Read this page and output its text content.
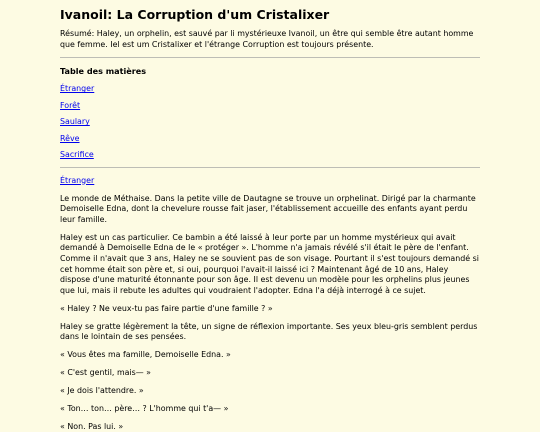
Ivanoil: La Corruption d'um Cristalixer

Résumé: Haley, un orphelin, est sauvé par li mystérieuxe Ivanoil, un être qui semble être autant homme que femme. Iel est um Cristalixer et l'étrange Corruption est toujours présente.

Table des matières
Étranger
Forêt
Saulary
Rêve
Sacrifice
Étranger

Le monde de Méthaise. Dans la petite ville de Dautagne se trouve un orphelinat. Dirigé par la charmante Demoiselle Edna, dont la chevelure rousse fait jaser, l'établissement accueille des enfants ayant perdu leur famille.

Haley est un cas particulier. Ce bambin a été laissé à leur porte par un homme mystérieux qui avait demandé à Demoiselle Edna de le « protéger ». L'homme n'a jamais révélé s'il était le père de l'enfant. Comme il n'avait que 3 ans, Haley ne se souvient pas de son visage. Pourtant il s'est toujours demandé si cet homme était son père et, si oui, pourquoi l'avait-il laissé ici ? Maintenant âgé de 10 ans, Haley dispose d'une maturité étonnante pour son âge. Il est devenu un modèle pour les orphelins plus jeunes que lui, mais il rebute les adultes qui voudraient l'adopter. Edna l'a déjà interrogé à ce sujet.

« Haley ? Ne veux-tu pas faire partie d'une famille ? »

Haley se gratte légèrement la tête, un signe de réflexion importante. Ses yeux bleu-gris semblent perdus dans le lointain de ses pensées.

« Vous êtes ma famille, Demoiselle Edna. »

« C'est gentil, mais— »

« Je dois l'attendre. »

« Ton… ton… père… ? L'homme qui t'a— »

« Non. Pas lui. »
